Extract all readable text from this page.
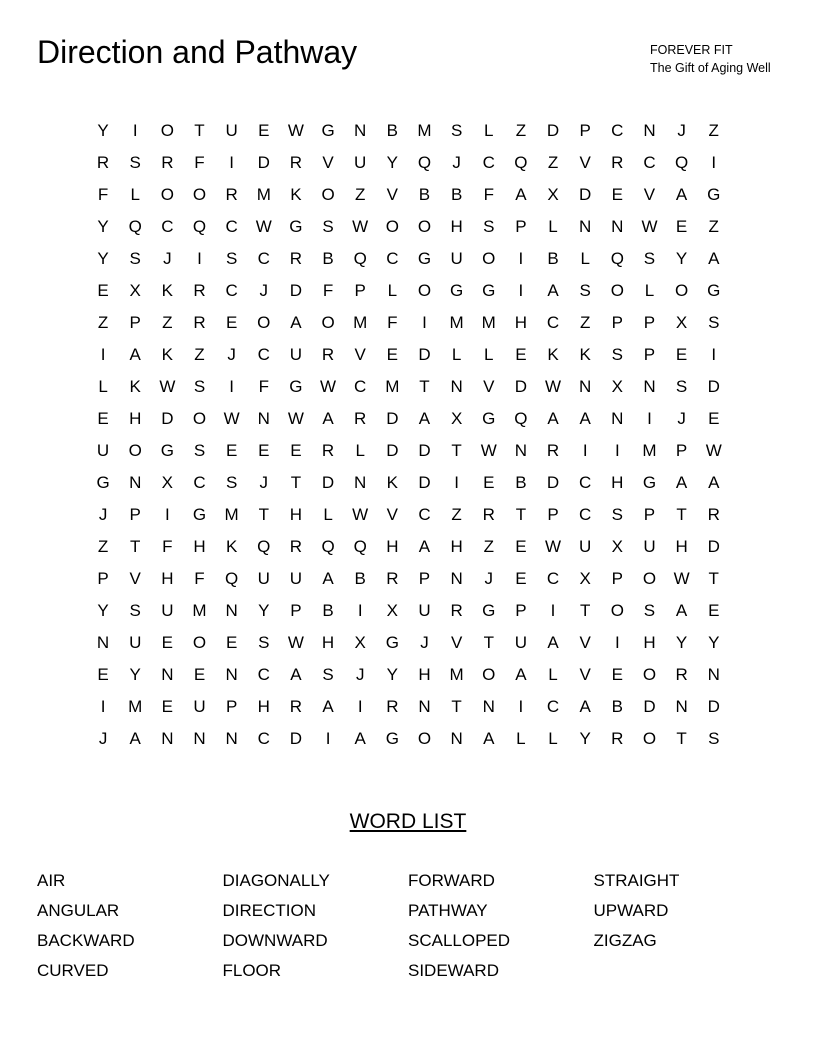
Direction and Pathway	FOREVER FIT
The Gift of Aging Well
Y	I	O	T	U	E	W	G	N	B	M	S	L	Z	D	P	C	N	J	Z
R	S	R	F	I	D	R	V	U	Y	Q	J	C	Q	Z	V	R	C	Q	I
F	L	O	O	R	M	K	O	Z	V	B	B	F	A	X	D	E	V	A	G
Y	Q	C	Q	C	W	G	S	W	O	O	H	S	P	L	N	N	W	E	Z
Y	S	J	I	S	C	R	B	Q	C	G	U	O	I	B	L	Q	S	Y	A
E	X	K	R	C	J	D	F	P	L	O	G	G	I	A	S	O	L	O	G
Z	P	Z	R	E	O	A	O	M	F	I	M	M	H	C	Z	P	P	X	S
I	A	K	Z	J	C	U	R	V	E	D	L	L	E	K	K	S	P	E	I
L	K	W	S	I	F	G	W	C	M	T	N	V	D	W	N	X	N	S	D
E	H	D	O	W	N	W	A	R	D	A	X	G	Q	A	A	N	I	J	E
U	O	G	S	E	E	E	R	L	D	D	T	W	N	R	I	I	M	P	W
G	N	X	C	S	J	T	D	N	K	D	I	E	B	D	C	H	G	A	A
J	P	I	G	M	T	H	L	W	V	C	Z	R	T	P	C	S	P	T	R
Z	T	F	H	K	Q	R	Q	Q	H	A	H	Z	E	W	U	X	U	H	D
P	V	H	F	Q	U	U	A	B	R	P	N	J	E	C	X	P	O	W	T
Y	S	U	M	N	Y	P	B	I	X	U	R	G	P	I	T	O	S	A	E
N	U	E	O	E	S	W	H	X	G	J	V	T	U	A	V	I	H	Y	Y
E	Y	N	E	N	C	A	S	J	Y	H	M	O	A	L	V	E	O	R	N
I	M	E	U	P	H	R	A	I	R	N	T	N	I	C	A	B	D	N	D
J	A	N	N	N	C	D	I	A	G	O	N	A	L	L	Y	R	O	T	S
WORD LIST
AIR	DIAGONALLY	FORWARD	STRAIGHT
ANGULAR	DIRECTION	PATHWAY	UPWARD
BACKWARD	DOWNWARD	SCALLOPED	ZIGZAG
CURVED	FLOOR	SIDEWARD
